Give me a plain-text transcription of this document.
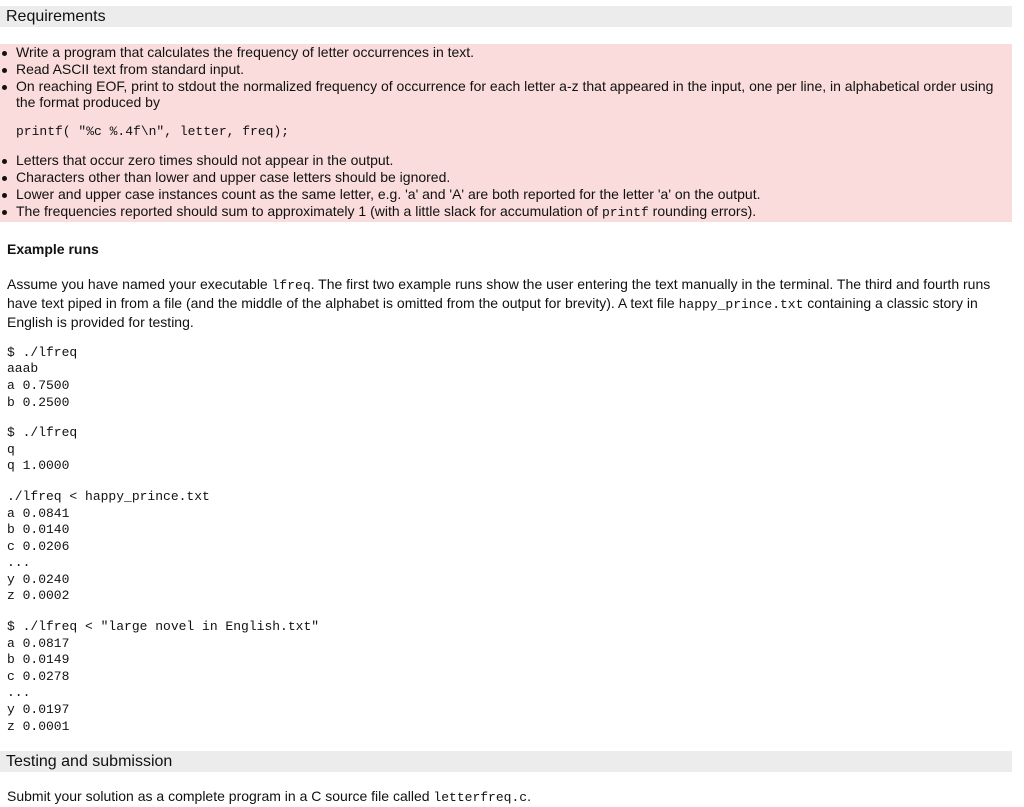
Requirements
Write a program that calculates the frequency of letter occurrences in text.
Read ASCII text from standard input.
On reaching EOF, print to stdout the normalized frequency of occurrence for each letter a-z that appeared in the input, one per line, in alphabetical order using the format produced by
printf( "%c %.4f\n", letter, freq);
Letters that occur zero times should not appear in the output.
Characters other than lower and upper case letters should be ignored.
Lower and upper case instances count as the same letter, e.g. 'a' and 'A' are both reported for the letter 'a' on the output.
The frequencies reported should sum to approximately 1 (with a little slack for accumulation of printf rounding errors).
Example runs
Assume you have named your executable lfreq. The first two example runs show the user entering the text manually in the terminal. The third and fourth runs have text piped in from a file (and the middle of the alphabet is omitted from the output for brevity). A text file happy_prince.txt containing a classic story in English is provided for testing.
$ ./lfreq
aaab
a 0.7500
b 0.2500
$ ./lfreq
q
q 1.0000
./lfreq < happy_prince.txt
a 0.0841
b 0.0140
c 0.0206
...
y 0.0240
z 0.0002
$ ./lfreq < "large novel in English.txt"
a 0.0817
b 0.0149
c 0.0278
...
y 0.0197
z 0.0001
Testing and submission
Submit your solution as a complete program in a C source file called letterfreq.c.
